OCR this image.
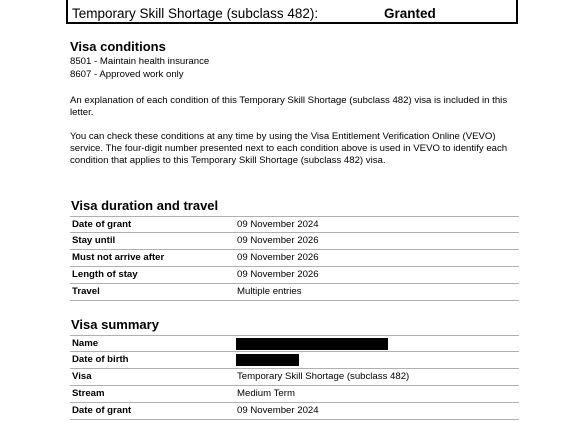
Temporary Skill Shortage (subclass 482):	Granted
Visa conditions
8501 - Maintain health insurance
8607 - Approved work only

An explanation of each condition of this Temporary Skill Shortage (subclass 482) visa is included in this letter.

You can check these conditions at any time by using the Visa Entitlement Verification Online (VEVO) service. The four-digit number presented next to each condition above is used in VEVO to identify each condition that applies to this Temporary Skill Shortage (subclass 482) visa.

Visa duration and travel
Date of grant	09 November 2024
Stay until	09 November 2026
Must not arrive after	09 November 2026
Length of stay	09 November 2026
Travel	Multiple entries
Visa summary
Name
Date of birth
Visa	Temporary Skill Shortage (subclass 482)
Stream	Medium Term
Date of grant	09 November 2024
